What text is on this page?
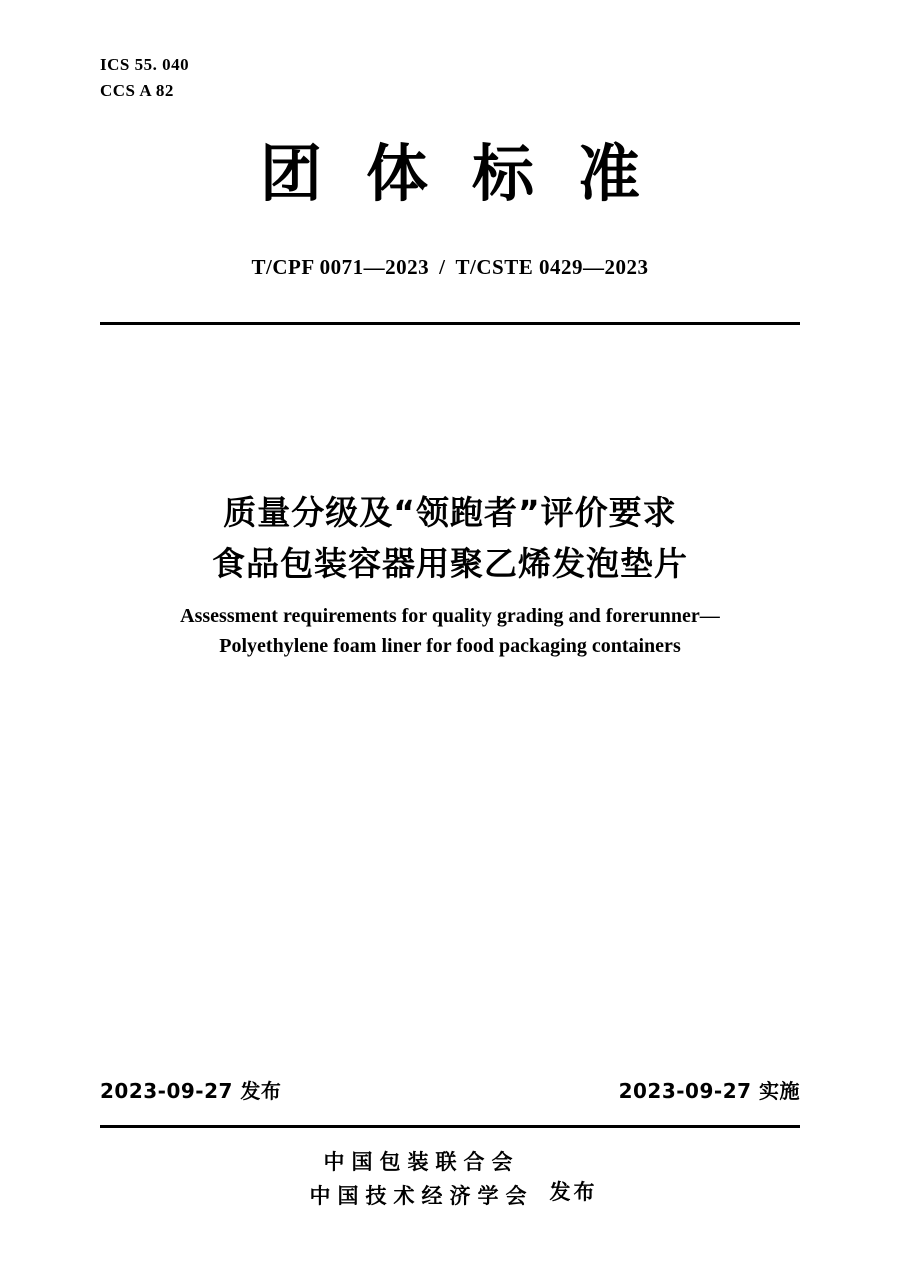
ICS 55. 040
CCS A 82
团体标准
T/CPF 0071—2023 / T/CSTE 0429—2023
质量分级及“领跑者”评价要求
食品包装容器用聚乙烯发泡垫片
Assessment requirements for quality grading and forerunner—
Polyethylene foam liner for food packaging containers
2023-09-27 发布	2023-09-27 实施
中国包装联合会
中国技术经济学会 发布
